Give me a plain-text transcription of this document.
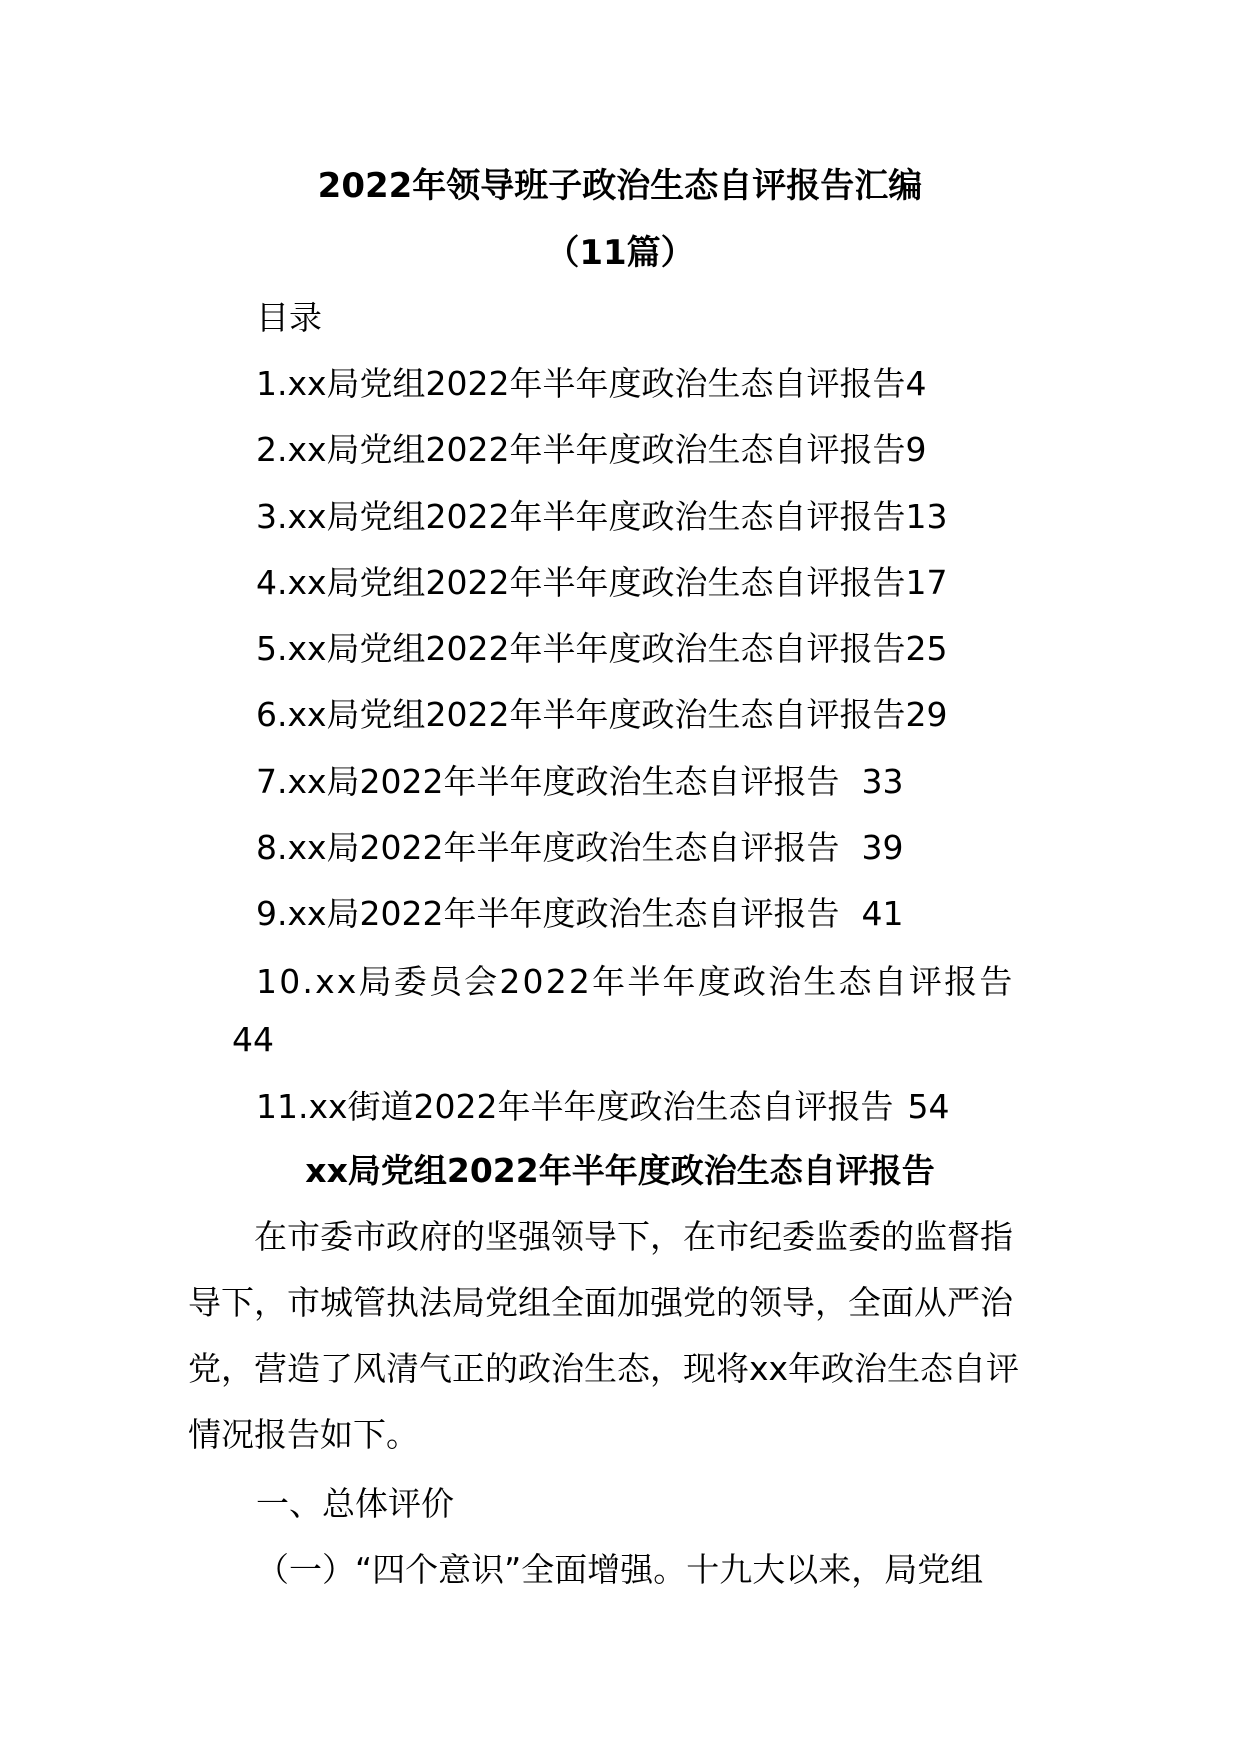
2022年领导班子政治生态自评报告汇编
（11篇）
目录
1.xx局党组2022年半年度政治生态自评报告4
2.xx局党组2022年半年度政治生态自评报告9
3.xx局党组2022年半年度政治生态自评报告13
4.xx局党组2022年半年度政治生态自评报告17
5.xx局党组2022年半年度政治生态自评报告25
6.xx局党组2022年半年度政治生态自评报告29
7.xx局2022年半年度政治生态自评报告 33
8.xx局2022年半年度政治生态自评报告 39
9.xx局2022年半年度政治生态自评报告 41
10.xx局委员会2022年半年度政治生态自评报告
44
11.xx街道2022年半年度政治生态自评报告 54
xx局党组2022年半年度政治生态自评报告
在市委市政府的坚强领导下，在市纪委监委的监督指
导下，市城管执法局党组全面加强党的领导，全面从严治
党，营造了风清气正的政治生态，现将xx年政治生态自评
情况报告如下。
一、总体评价
（一）“四个意识”全面增强。十九大以来，局党组
